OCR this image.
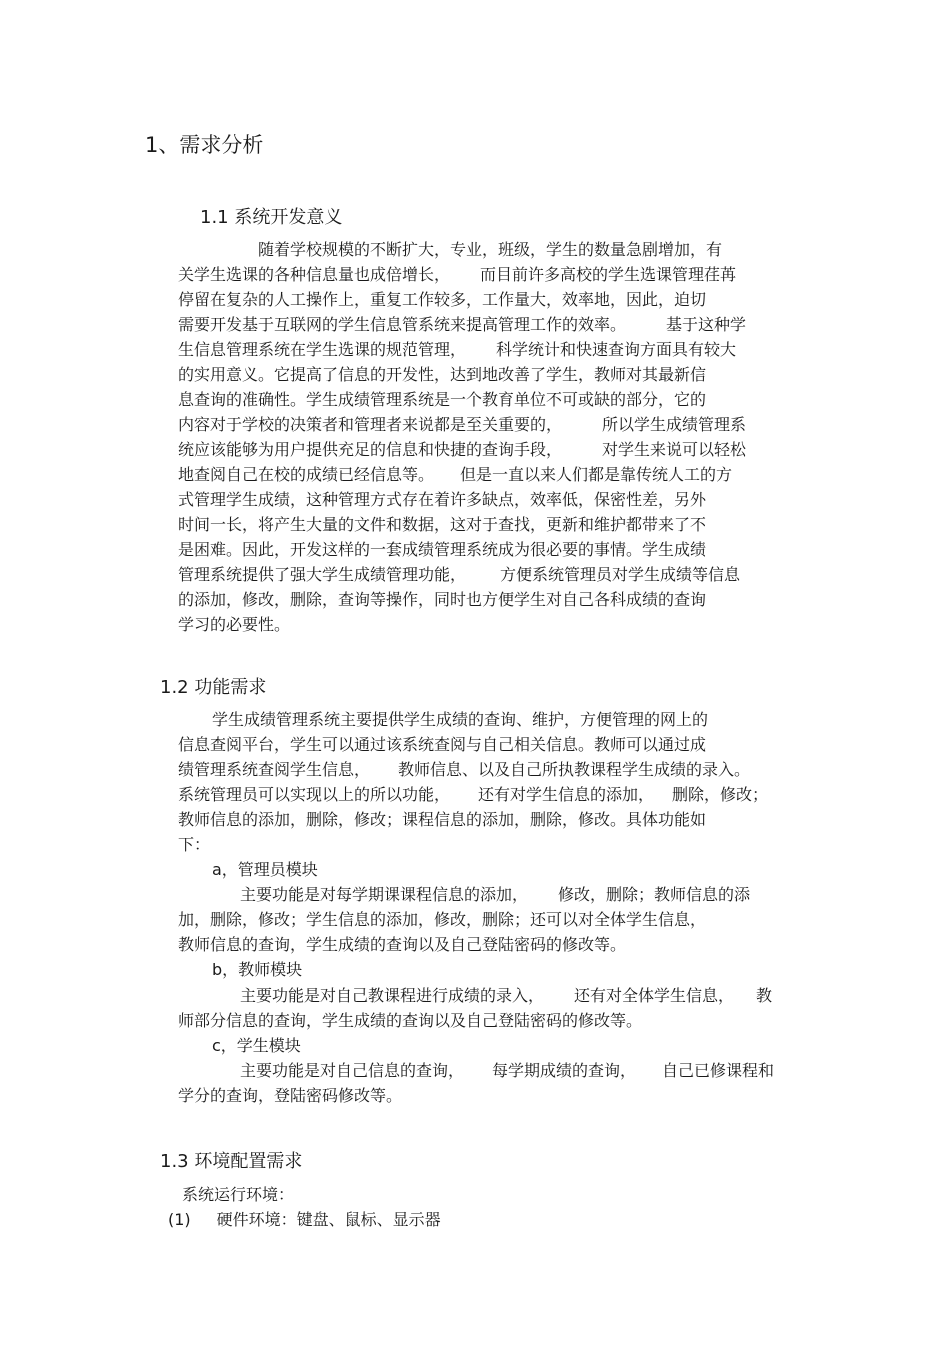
1、需求分析
1.1 系统开发意义
随着学校规模的不断扩大，专业，班级，学生的数量急剧增加，有
关学生选课的各种信息量也成倍增长， 而目前许多高校的学生选课管理荏苒
停留在复杂的人工操作上，重复工作较多，工作量大，效率地，因此，迫切
需要开发基于互联网的学生信息管系统来提高管理工作的效率。	基于这种学
生信息管理系统在学生选课的规范管理， 科学统计和快速查询方面具有较大
的实用意义。它提高了信息的开发性，达到地改善了学生，教师对其最新信
息查询的准确性。学生成绩管理系统是一个教育单位不可或缺的部分，它的
内容对于学校的决策者和管理者来说都是至关重要的，	所以学生成绩管理系
统应该能够为用户提供充足的信息和快捷的查询手段，	对学生来说可以轻松
地查阅自己在校的成绩已经信息等。 但是一直以来人们都是靠传统人工的方
式管理学生成绩，这种管理方式存在着许多缺点，效率低，保密性差，另外
时间一长，将产生大量的文件和数据，这对于查找，更新和维护都带来了不
是困难。因此，开发这样的一套成绩管理系统成为很必要的事情。学生成绩
管理系统提供了强大学生成绩管理功能， 方便系统管理员对学生成绩等信息
的添加，修改，删除，查询等操作，同时也方便学生对自己各科成绩的查询
学习的必要性。
1.2 功能需求
学生成绩管理系统主要提供学生成绩的查询、维护，方便管理的网上的
信息查阅平台，学生可以通过该系统查阅与自己相关信息。教师可以通过成
绩管理系统查阅学生信息， 教师信息、以及自己所执教课程学生成绩的录入。
系统管理员可以实现以上的所以功能， 还有对学生信息的添加， 删除，修改；
教师信息的添加，删除，修改；课程信息的添加，删除，修改。具体功能如
下：
a，管理员模块
主要功能是对每学期课课程信息的添加， 修改，删除；教师信息的添
加，删除，修改；学生信息的添加，修改，删除；还可以对全体学生信息，
教师信息的查询，学生成绩的查询以及自己登陆密码的修改等。
b，教师模块
主要功能是对自己教课程进行成绩的录入， 还有对全体学生信息， 教
师部分信息的查询，学生成绩的查询以及自己登陆密码的修改等。
c，学生模块
主要功能是对自己信息的查询， 每学期成绩的查询， 自己已修课程和
学分的查询，登陆密码修改等。
1.3 环境配置需求
系统运行环境：
(1) 硬件环境：键盘、鼠标、显示器
